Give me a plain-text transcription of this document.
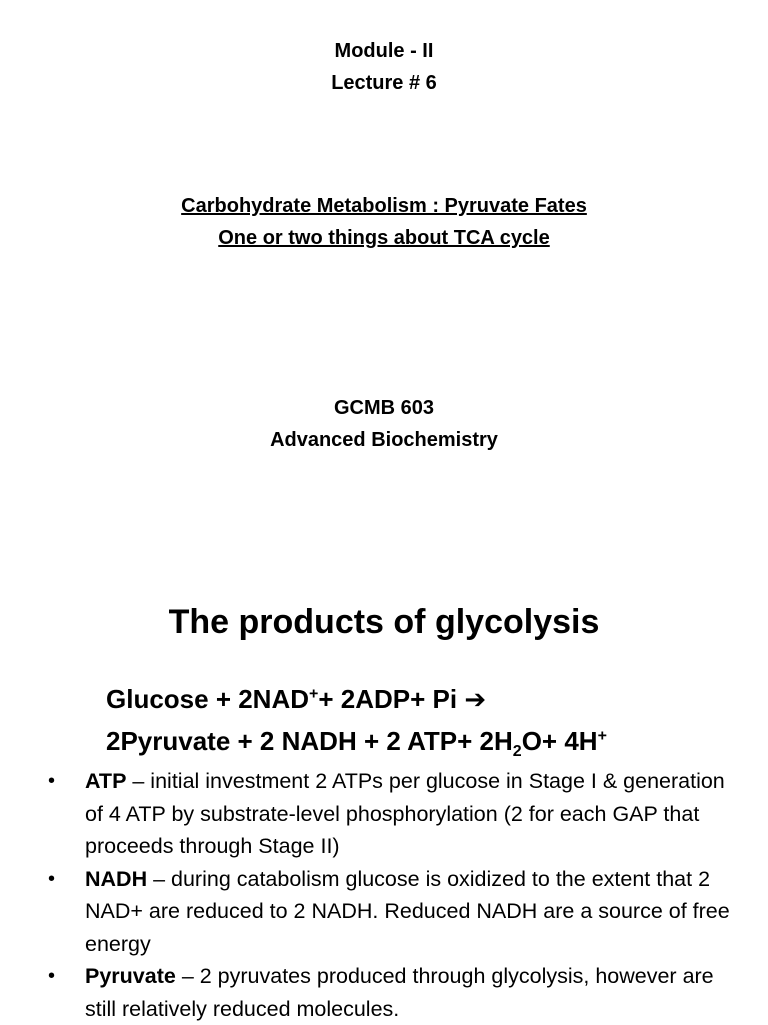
Module - II
Lecture # 6
Carbohydrate Metabolism : Pyruvate Fates
One or two things about TCA cycle
GCMB 603
Advanced Biochemistry
The products of glycolysis
Glucose + 2NAD++ 2ADP+ Pi ➔
2Pyruvate + 2 NADH + 2 $ATP+ 2H_2O+ 4H^+$
• ATP – initial investment 2 ATPs per glucose in Stage I & generation of 4 ATP by substrate-level phosphorylation (2 for each GAP that proceeds through Stage II)
• NADH – during catabolism glucose is oxidized to the extent that 2 NAD+ are reduced to 2 NADH. Reduced NADH are a source of free energy
• Pyruvate – 2 pyruvates produced through glycolysis, however are still relatively reduced molecules.
